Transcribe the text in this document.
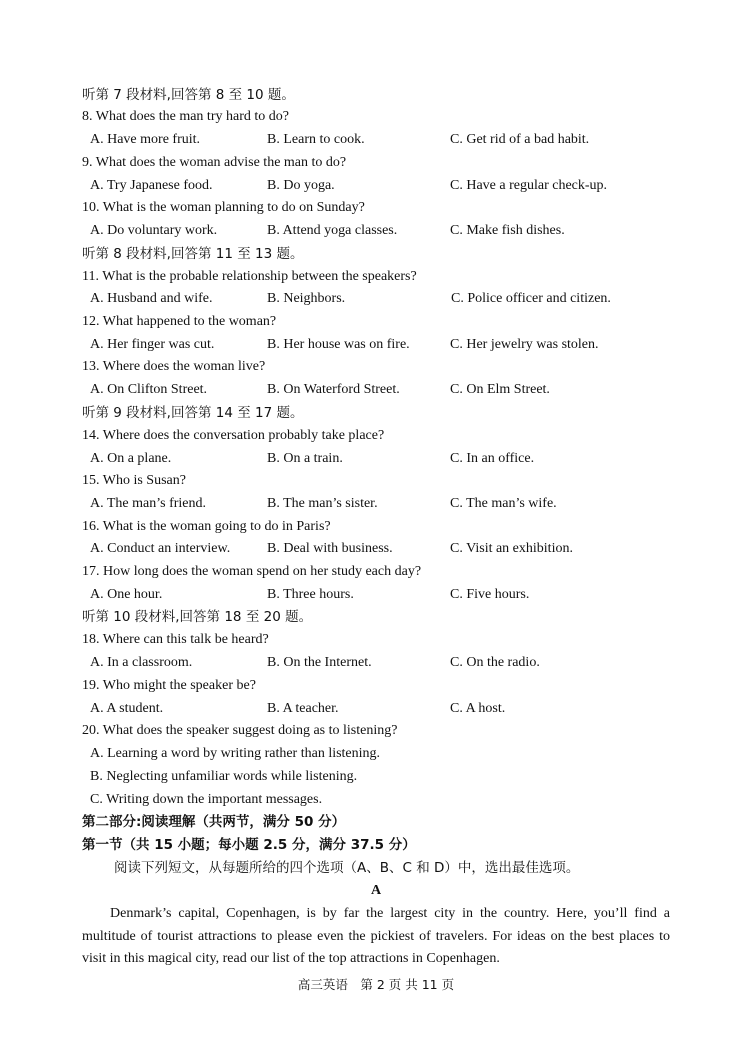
听第 7 段材料,回答第 8 至 10 题。
8. What does the man try hard to do?
A. Have more fruit.	B. Learn to cook.	C. Get rid of a bad habit.
9. What does the woman advise the man to do?
A. Try Japanese food.	B. Do yoga.	C. Have a regular check-up.
10. What is the woman planning to do on Sunday?
A. Do voluntary work.	B. Attend yoga classes.	C. Make fish dishes.
听第 8 段材料,回答第 11 至 13 题。
11. What is the probable relationship between the speakers?
A. Husband and wife.	B. Neighbors.	C. Police officer and citizen.
12. What happened to the woman?
A. Her finger was cut.	B. Her house was on fire.	C. Her jewelry was stolen.
13. Where does the woman live?
A. On Clifton Street.	B. On Waterford Street.	C. On Elm Street.
听第 9 段材料,回答第 14 至 17 题。
14. Where does the conversation probably take place?
A. On a plane.	B. On a train.	C. In an office.
15. Who is Susan?
A. The man’s friend.	B. The man’s sister.	C. The man’s wife.
16. What is the woman going to do in Paris?
A. Conduct an interview.	B. Deal with business.	C. Visit an exhibition.
17. How long does the woman spend on her study each day?
A. One hour.	B. Three hours.	C. Five hours.
听第 10 段材料,回答第 18 至 20 题。
18. Where can this talk be heard?
A. In a classroom.	B. On the Internet.	C. On the radio.
19. Who might the speaker be?
A. A student.	B. A teacher.	C. A host.
20. What does the speaker suggest doing as to listening?
A. Learning a word by writing rather than listening.
B. Neglecting unfamiliar words while listening.
C. Writing down the important messages.
第二部分:阅读理解（共两节，满分 50 分）
第一节（共 15 小题；每小题 2.5 分，满分 37.5 分）
阅读下列短文，从每题所给的四个选项（A、B、C 和 D）中，选出最佳选项。
A
Denmark’s capital, Copenhagen, is by far the largest city in the country. Here, you’ll find a multitude of tourist attractions to please even the pickiest of travelers. For ideas on the best places to visit in this magical city, read our list of the top attractions in Copenhagen.
高三英语　第 2 页 共 11 页
